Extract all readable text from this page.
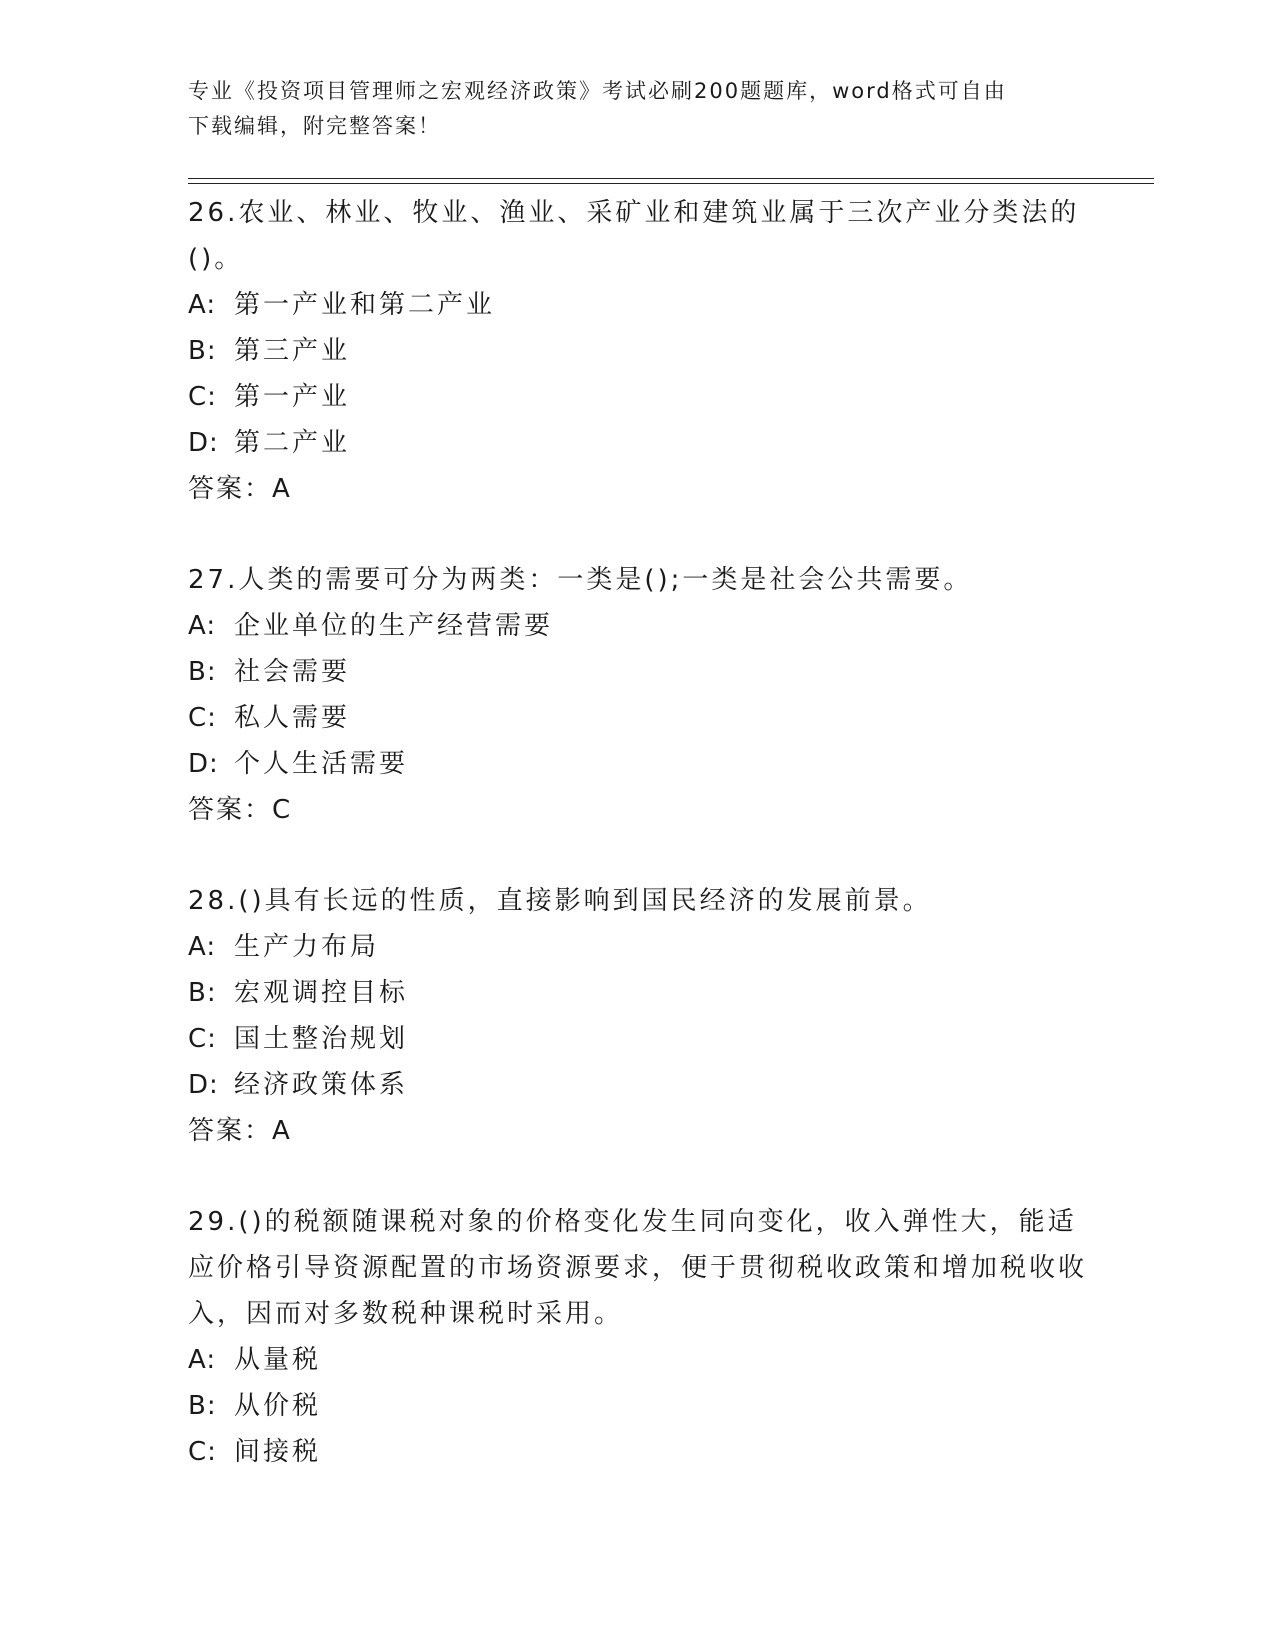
专业《投资项目管理师之宏观经济政策》考试必刷200题题库，word格式可自由
下载编辑，附完整答案！

26.农业、林业、牧业、渔业、采矿业和建筑业属于三次产业分类法的()。

A: 第一产业和第二产业
B: 第三产业
C: 第一产业
D: 第二产业
答案：A

27.人类的需要可分为两类：一类是();一类是社会公共需要。

A: 企业单位的生产经营需要
B: 社会需要
C: 私人需要
D: 个人生活需要
答案：C

28.()具有长远的性质，直接影响到国民经济的发展前景。

A: 生产力布局
B: 宏观调控目标
C: 国土整治规划
D: 经济政策体系
答案：A

29.()的税额随课税对象的价格变化发生同向变化，收入弹性大，能适应价格引导资源配置的市场资源要求，便于贯彻税收政策和增加税收收入，因而对多数税种课税时采用。

A: 从量税
B: 从价税
C: 间接税
